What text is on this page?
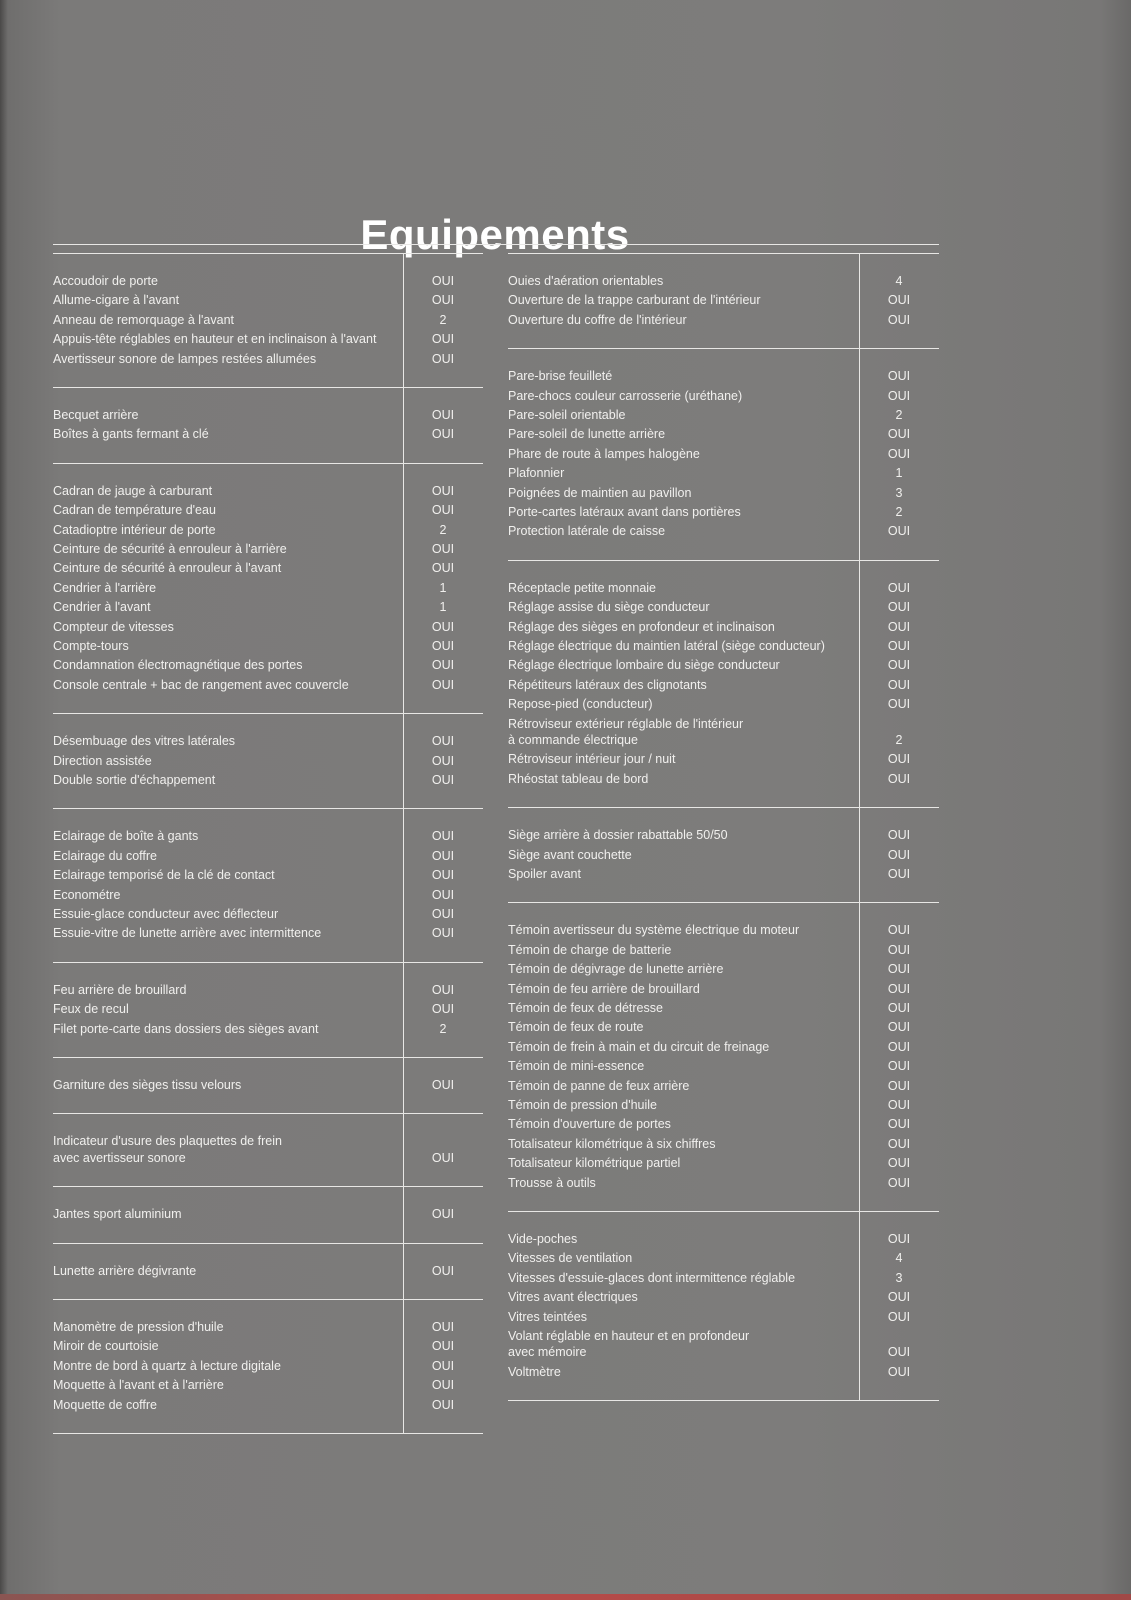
Equipements
Accoudoir de porte	OUI
Allume-cigare à l'avant	OUI
Anneau de remorquage à l'avant	2
Appuis-tête réglables en hauteur et en inclinaison à l'avant	OUI
Avertisseur sonore de lampes restées allumées	OUI
Becquet arrière	OUI
Boîtes à gants fermant à clé	OUI
Cadran de jauge à carburant	OUI
Cadran de température d'eau	OUI
Catadioptre intérieur de porte	2
Ceinture de sécurité à enrouleur à l'arrière	OUI
Ceinture de sécurité à enrouleur à l'avant	OUI
Cendrier à l'arrière	1
Cendrier à l'avant	1
Compteur de vitesses	OUI
Compte-tours	OUI
Condamnation électromagnétique des portes	OUI
Console centrale + bac de rangement avec couvercle	OUI
Désembuage des vitres latérales	OUI
Direction assistée	OUI
Double sortie d'échappement	OUI
Eclairage de boîte à gants	OUI
Eclairage du coffre	OUI
Eclairage temporisé de la clé de contact	OUI
Econométre	OUI
Essuie-glace conducteur avec déflecteur	OUI
Essuie-vitre de lunette arrière avec intermittence	OUI
Feu arrière de brouillard	OUI
Feux de recul	OUI
Filet porte-carte dans dossiers des sièges avant	2
Garniture des sièges tissu velours	OUI
Indicateur d'usure des plaquettes de frein
avec avertisseur sonore	OUI
Jantes sport aluminium	OUI
Lunette arrière dégivrante	OUI
Manomètre de pression d'huile	OUI
Miroir de courtoisie	OUI
Montre de bord à quartz à lecture digitale	OUI
Moquette à l'avant et à l'arrière	OUI
Moquette de coffre	OUI
Ouies d'aération orientables	4
Ouverture de la trappe carburant de l'intérieur	OUI
Ouverture du coffre de l'intérieur	OUI
Pare-brise feuilleté	OUI
Pare-chocs couleur carrosserie (uréthane)	OUI
Pare-soleil orientable	2
Pare-soleil de lunette arrière	OUI
Phare de route à lampes halogène	OUI
Plafonnier	1
Poignées de maintien au pavillon	3
Porte-cartes latéraux avant dans portières	2
Protection latérale de caisse	OUI
Réceptacle petite monnaie	OUI
Réglage assise du siège conducteur	OUI
Réglage des sièges en profondeur et inclinaison	OUI
Réglage électrique du maintien latéral (siège conducteur)	OUI
Réglage électrique lombaire du siège conducteur	OUI
Répétiteurs latéraux des clignotants	OUI
Repose-pied (conducteur)	OUI
Rétroviseur extérieur réglable de l'intérieur
à commande électrique	2
Rétroviseur intérieur jour / nuit	OUI
Rhéostat tableau de bord	OUI
Siège arrière à dossier rabattable 50/50	OUI
Siège avant couchette	OUI
Spoiler avant	OUI
Témoin avertisseur du système électrique du moteur	OUI
Témoin de charge de batterie	OUI
Témoin de dégivrage de lunette arrière	OUI
Témoin de feu arrière de brouillard	OUI
Témoin de feux de détresse	OUI
Témoin de feux de route	OUI
Témoin de frein à main et du circuit de freinage	OUI
Témoin de mini-essence	OUI
Témoin de panne de feux arrière	OUI
Témoin de pression d'huile	OUI
Témoin d'ouverture de portes	OUI
Totalisateur kilométrique à six chiffres	OUI
Totalisateur kilométrique partiel	OUI
Trousse à outils	OUI
Vide-poches	OUI
Vitesses de ventilation	4
Vitesses d'essuie-glaces dont intermittence réglable	3
Vitres avant électriques	OUI
Vitres teintées	OUI
Volant réglable en hauteur et en profondeur
avec mémoire	OUI
Voltmètre	OUI
